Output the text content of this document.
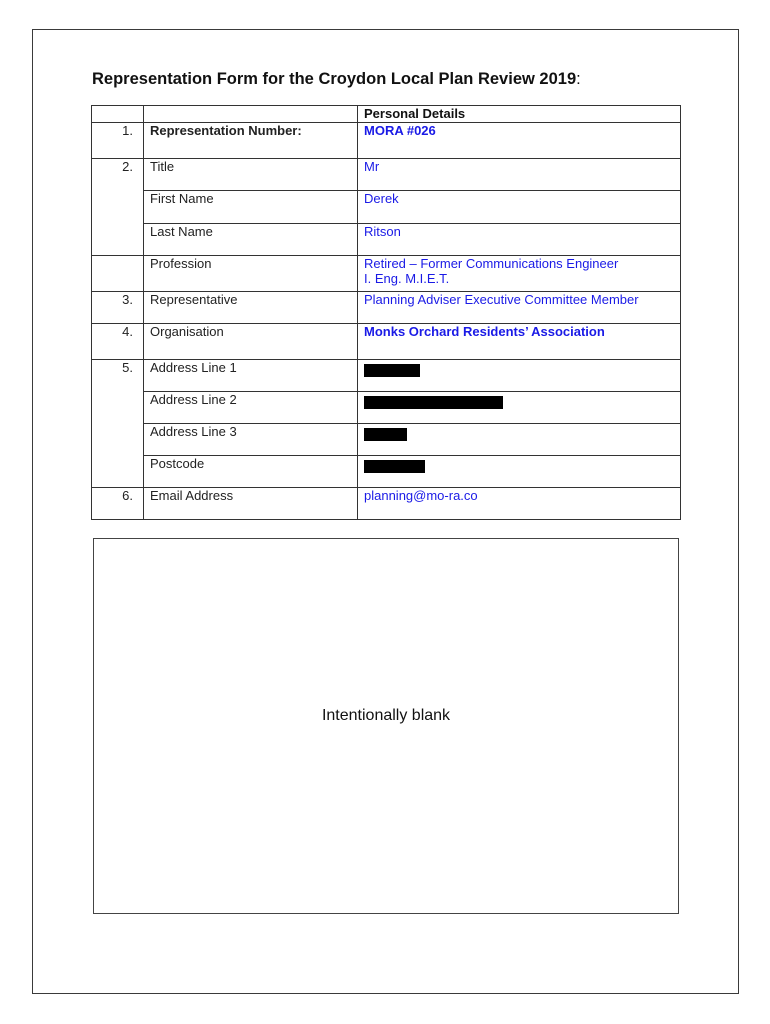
Representation Form for the Croydon Local Plan Review 2019:
		Personal Details
1.	Representation Number:	MORA #026
2.	Title	Mr
	First Name	Derek
	Last Name	Ritson
	Profession	Retired – Former Communications Engineer
I. Eng. M.I.E.T.

3.	Representative	Planning Adviser Executive Committee Member
4.	Organisation	Monks Orchard Residents’ Association
5.	Address Line 1	
	Address Line 2	
	Address Line 3	
	Postcode	
6.	Email Address	planning@mo-ra.co
Intentionally blank
